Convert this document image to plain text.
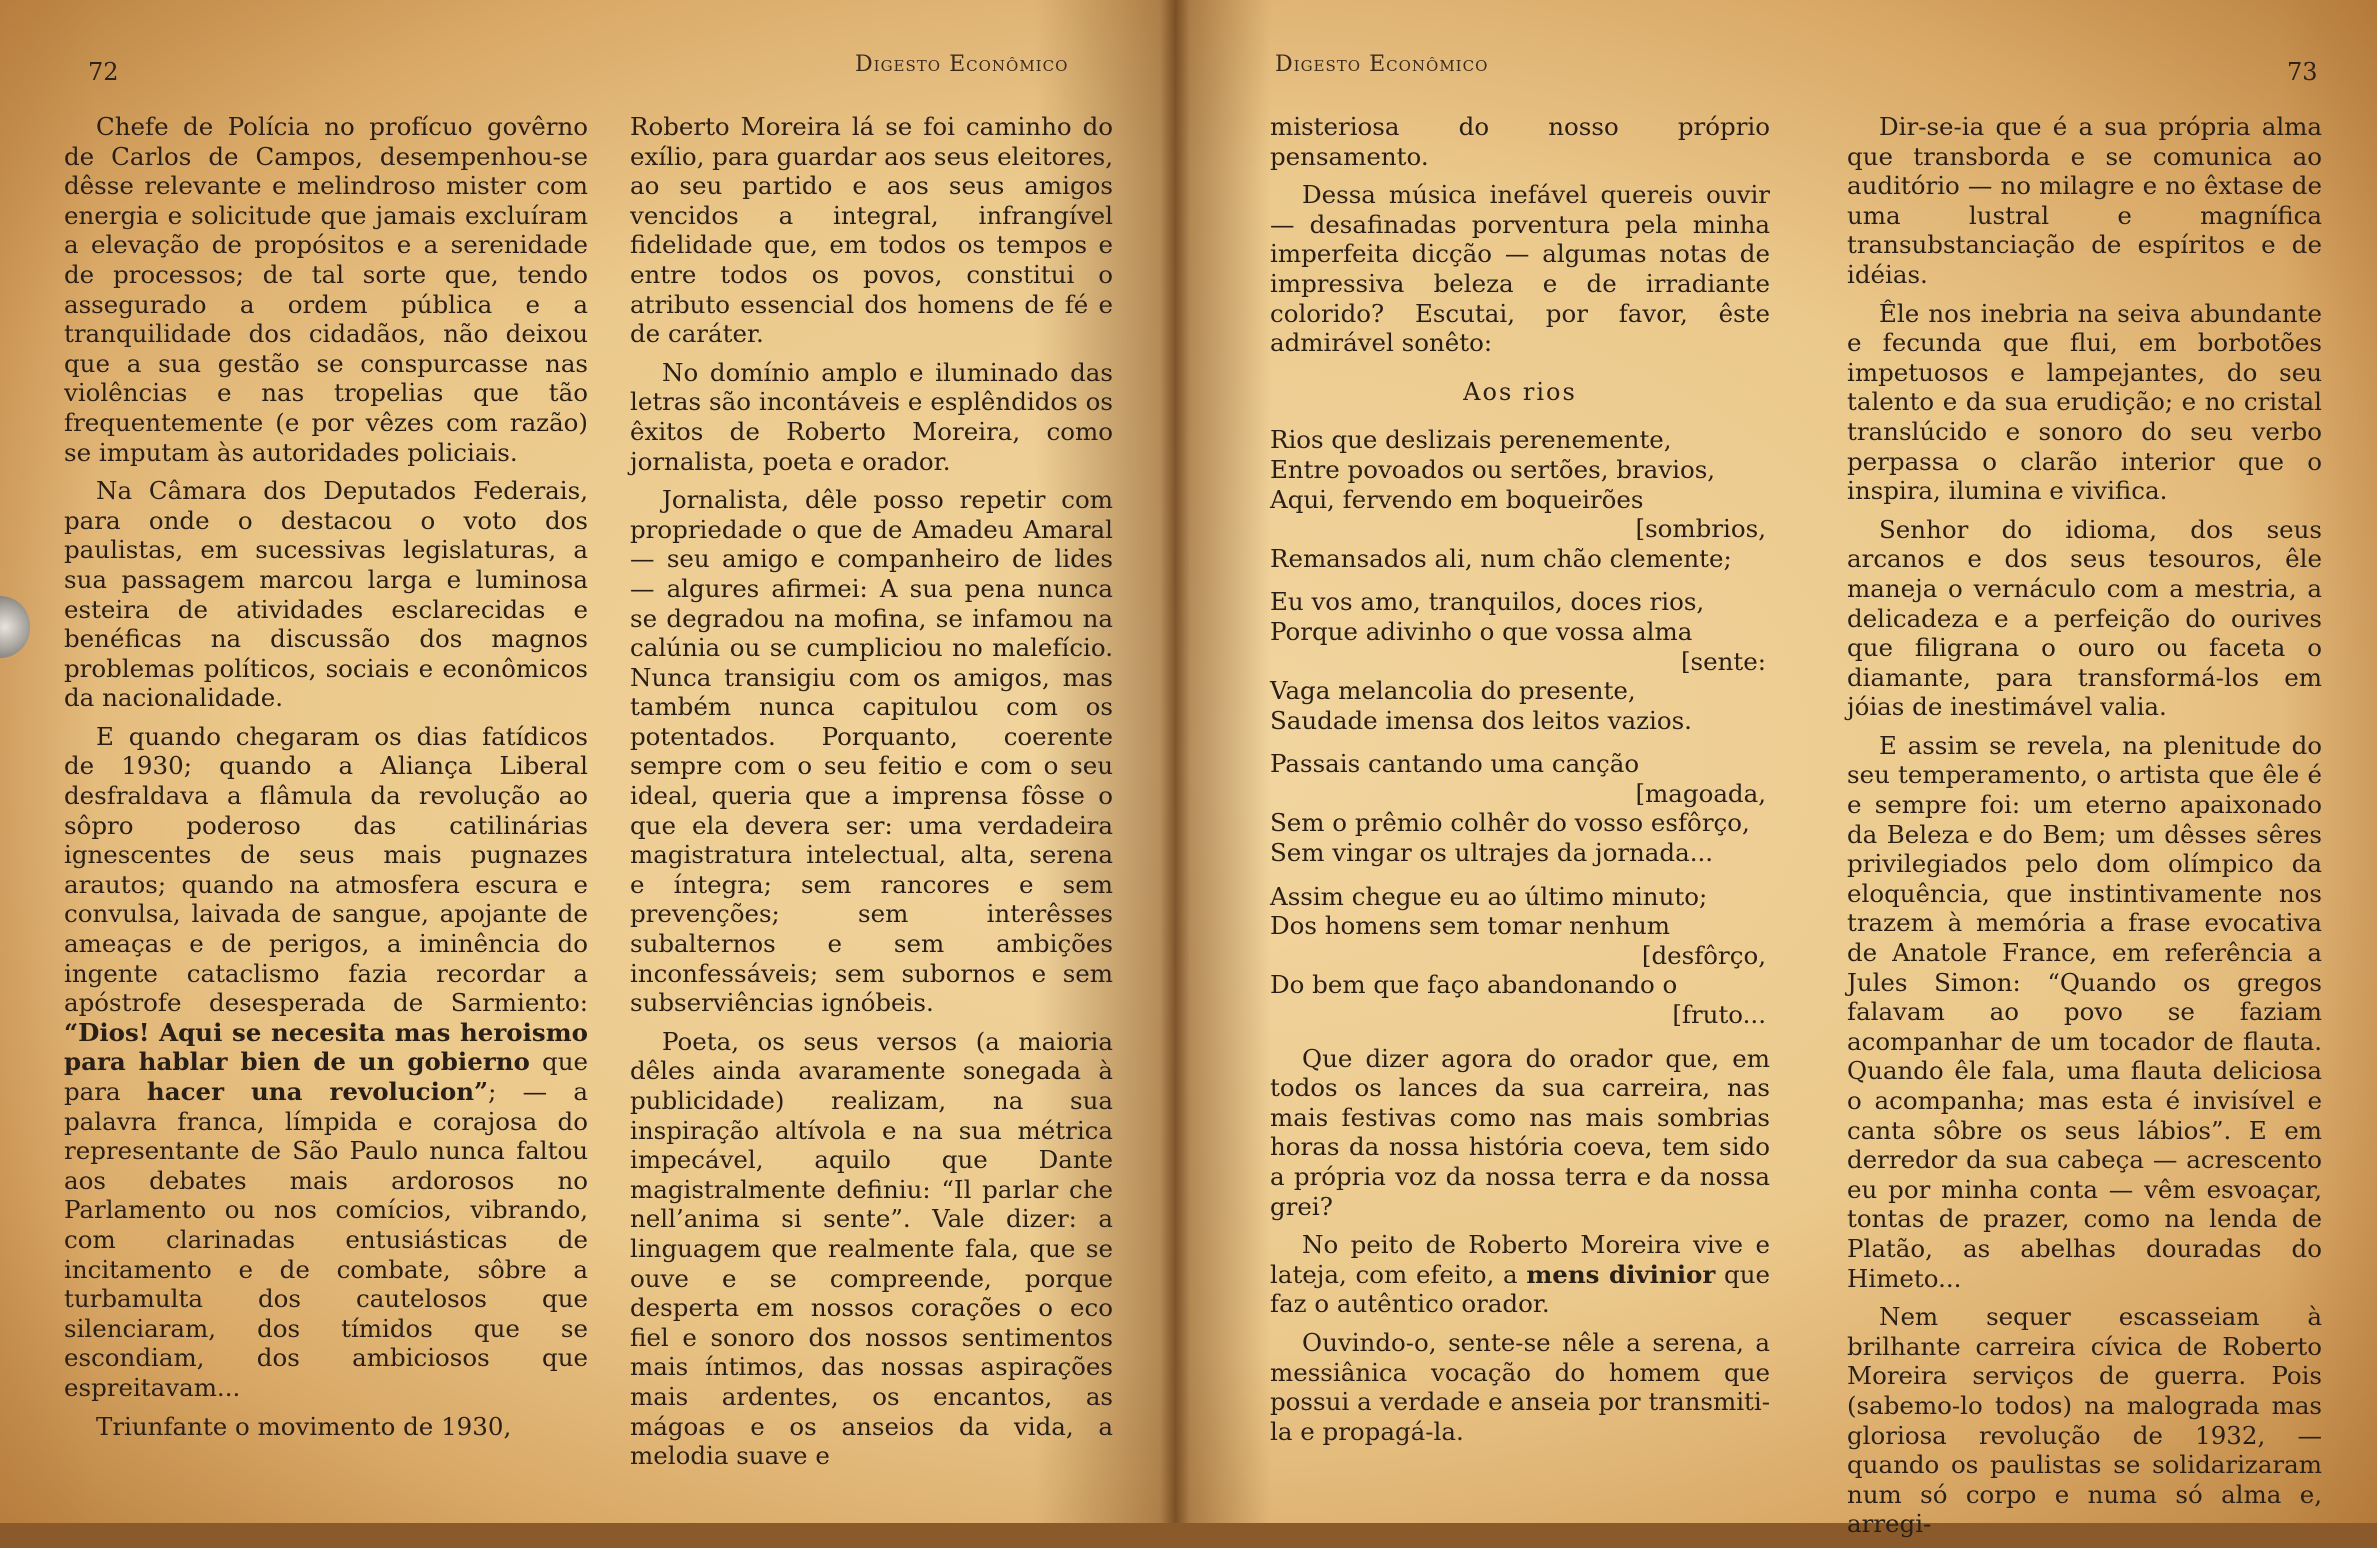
72	Digesto Econômico

Chefe de Polícia no profícuo govêrno de Carlos de Campos, desempenhou-se dêsse relevante e melindroso mister com energia e solicitude que jamais excluíram a elevação de propósitos e a serenidade de processos; de tal sorte que, tendo assegurado a ordem pública e a tranquilidade dos cidadãos, não deixou que a sua gestão se conspurcasse nas violências e nas tropelias que tão frequentemente (e por vêzes com razão) se imputam às autoridades policiais.

Na Câmara dos Deputados Federais, para onde o destacou o voto dos paulistas, em sucessivas legislaturas, a sua passagem marcou larga e luminosa esteira de atividades esclarecidas e benéficas na discussão dos magnos problemas políticos, sociais e econômicos da nacionalidade.

E quando chegaram os dias fatídicos de 1930; quando a Aliança Liberal desfraldava a flâmula da revolução ao sôpro poderoso das catilinárias ignescentes de seus mais pugnazes arautos; quando na atmosfera escura e convulsa, laivada de sangue, apojante de ameaças e de perigos, a iminência do ingente cataclismo fazia recordar a apóstrofe desesperada de Sarmiento: “Dios! Aqui se necesita mas heroismo para hablar bien de un gobierno que para hacer una revolucion”; — a palavra franca, límpida e corajosa do representante de São Paulo nunca faltou aos debates mais ardorosos no Parlamento ou nos comícios, vibrando, com clarinadas entusiásticas de incitamento e de combate, sôbre a turbamulta dos cautelosos que silenciaram, dos tímidos que se escondiam, dos ambiciosos que espreitavam...

Triunfante o movimento de 1930,

Roberto Moreira lá se foi caminho do exílio, para guardar aos seus eleitores, ao seu partido e aos seus amigos vencidos a integral, infrangível fidelidade que, em todos os tempos e entre todos os povos, constitui o atributo essencial dos homens de fé e de caráter.

No domínio amplo e iluminado das letras são incontáveis e esplêndidos os êxitos de Roberto Moreira, como jornalista, poeta e orador.

Jornalista, dêle posso repetir com propriedade o que de Amadeu Amaral — seu amigo e companheiro de lides — algures afirmei: A sua pena nunca se degradou na mofina, se infamou na calúnia ou se cumpliciou no malefício. Nunca transigiu com os amigos, mas também nunca capitulou com os potentados. Porquanto, coerente sempre com o seu feitio e com o seu ideal, queria que a imprensa fôsse o que ela devera ser: uma verdadeira magistratura intelectual, alta, serena e íntegra; sem rancores e sem prevenções; sem interêsses subalternos e sem ambições inconfessáveis; sem subornos e sem subserviências ignóbeis.

Poeta, os seus versos (a maioria dêles ainda avaramente sonegada à publicidade) realizam, na sua inspiração altívola e na sua métrica impecável, aquilo que Dante magistralmente definiu: “Il parlar che nell’anima si sente”. Vale dizer: a linguagem que realmente fala, que se ouve e se compreende, porque desperta em nossos corações o eco fiel e sonoro dos nossos sentimentos mais íntimos, das nossas aspirações mais ardentes, os encantos, as mágoas e os anseios da vida, a melodia suave e

Digesto Econômico	73

misteriosa do nosso próprio pensamento.

Dessa música inefável quereis ouvir — desafinadas porventura pela minha imperfeita dicção — algumas notas de impressiva beleza e de irradiante colorido? Escutai, por favor, êste admirável sonêto:

Aos rios
Rios que deslizais perenemente,
Entre povoados ou sertões, bravios,
Aqui, fervendo em boqueirões
[sombrios,
Remansados ali, num chão clemente;
Eu vos amo, tranquilos, doces rios,
Porque adivinho o que vossa alma
[sente:
Vaga melancolia do presente,
Saudade imensa dos leitos vazios.
Passais cantando uma canção
[magoada,
Sem o prêmio colhêr do vosso esfôrço,
Sem vingar os ultrajes da jornada...
Assim chegue eu ao último minuto;
Dos homens sem tomar nenhum
[desfôrço,
Do bem que faço abandonando o
[fruto...

Que dizer agora do orador que, em todos os lances da sua carreira, nas mais festivas como nas mais sombrias horas da nossa história coeva, tem sido a própria voz da nossa terra e da nossa grei?

No peito de Roberto Moreira vive e lateja, com efeito, a mens divinior que faz o autêntico orador.

Ouvindo-o, sente-se nêle a serena, a messiânica vocação do homem que possui a verdade e anseia por transmiti-la e propagá-la.

Dir-se-ia que é a sua própria alma que transborda e se comunica ao auditório — no milagre e no êxtase de uma lustral e magnífica transubstanciação de espíritos e de idéias.

Êle nos inebria na seiva abundante e fecunda que flui, em borbotões impetuosos e lampejantes, do seu talento e da sua erudição; e no cristal translúcido e sonoro do seu verbo perpassa o clarão interior que o inspira, ilumina e vivifica.

Senhor do idioma, dos seus arcanos e dos seus tesouros, êle maneja o vernáculo com a mestria, a delicadeza e a perfeição do ourives que filigrana o ouro ou faceta o diamante, para transformá-los em jóias de inestimável valia.

E assim se revela, na plenitude do seu temperamento, o artista que êle é e sempre foi: um eterno apaixonado da Beleza e do Bem; um dêsses sêres privilegiados pelo dom olímpico da eloquência, que instintivamente nos trazem à memória a frase evocativa de Anatole France, em referência a Jules Simon: “Quando os gregos falavam ao povo se faziam acompanhar de um tocador de flauta. Quando êle fala, uma flauta deliciosa o acompanha; mas esta é invisível e canta sôbre os seus lábios”. E em derredor da sua cabeça — acrescento eu por minha conta — vêm esvoaçar, tontas de prazer, como na lenda de Platão, as abelhas douradas do Himeto...

Nem sequer escasseiam à brilhante carreira cívica de Roberto Moreira serviços de guerra. Pois (sabemo-lo todos) na malograda mas gloriosa revolução de 1932, — quando os paulistas se solidarizaram num só corpo e numa só alma e, arregi-
